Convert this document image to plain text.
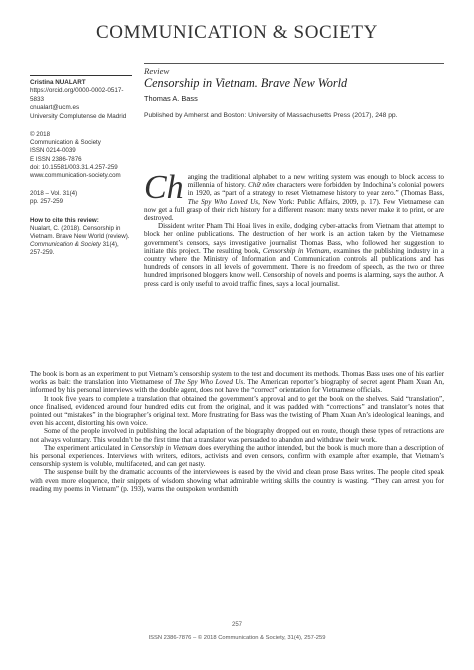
COMMUNICATION & SOCIETY
Cristina NUALART
https://orcid.org/0000-0002-0517-5833
cnualart@ucm.es
University Complutense de Madrid
© 2018
Communication & Society
ISSN 0214-0039
E ISSN 2386-7876
doi: 10.15581/003.31.4.257-259
www.communication-society.com
2018 – Vol. 31(4)
pp. 257-259
How to cite this review:
Nualart, C. (2018). Censorship in Vietnam. Brave New World (review). Communication & Society 31(4), 257-259.
Review
Censorship in Vietnam. Brave New World
Thomas A. Bass
Published by Amherst and Boston: University of Massachusetts Press (2017), 248 pp.

Ch anging the traditional alphabet to a new writing system was enough to block access to millennia of history. Chữ nôm characters were forbidden by Indochina’s colonial powers in 1920, as “part of a strategy to reset Vietnamese history to year zero.” (Thomas Bass, The Spy Who Loved Us, New York: Public Affairs, 2009, p. 17). Few Vietnamese can now get a full grasp of their rich history for a different reason: many texts never make it to print, or are destroyed.

Dissident writer Pham Thi Hoai lives in exile, dodging cyber-attacks from Vietnam that attempt to block her online publications. The destruction of her work is an action taken by the Vietnamese government’s censors, says investigative journalist Thomas Bass, who followed her suggestion to initiate this project. The resulting book, Censorship in Vietnam, examines the publishing industry in a country where the Ministry of Information and Communication controls all publications and has hundreds of censors in all levels of government. There is no freedom of speech, as the two or three hundred imprisoned bloggers know well. Censorship of novels and poems is alarming, says the author. A press card is only useful to avoid traffic fines, says a local journalist.

The book is born as an experiment to put Vietnam’s censorship system to the test and document its methods. Thomas Bass uses one of his earlier works as bait: the translation into Vietnamese of The Spy Who Loved Us. The American reporter’s biography of secret agent Pham Xuan An, informed by his personal interviews with the double agent, does not have the “correct” orientation for Vietnamese officials.

It took five years to complete a translation that obtained the government’s approval and to get the book on the shelves. Said “translation”, once finalised, evidenced around four hundred edits cut from the original, and it was padded with “corrections” and translator’s notes that pointed out “mistakes” in the biographer’s original text. More frustrating for Bass was the twisting of Pham Xuan An’s ideological leanings, and even his accent, distorting his own voice.

Some of the people involved in publishing the local adaptation of the biography dropped out en route, though these types of retractions are not always voluntary. This wouldn’t be the first time that a translator was persuaded to abandon and withdraw their work.

The experiment articulated in Censorship in Vietnam does everything the author intended, but the book is much more than a description of his personal experiences. Interviews with writers, editors, activists and even censors, confirm with example after example, that Vietnam’s censorship system is voluble, multifaceted, and can get nasty.

The suspense built by the dramatic accounts of the interviewees is eased by the vivid and clean prose Bass writes. The people cited speak with even more eloquence, their snippets of wisdom showing what admirable writing skills the country is wasting. “They can arrest you for reading my poems in Vietnam” (p. 193), warns the outspoken wordsmith

257
ISSN 2386-7876 – © 2018 Communication & Society, 31(4), 257-259
